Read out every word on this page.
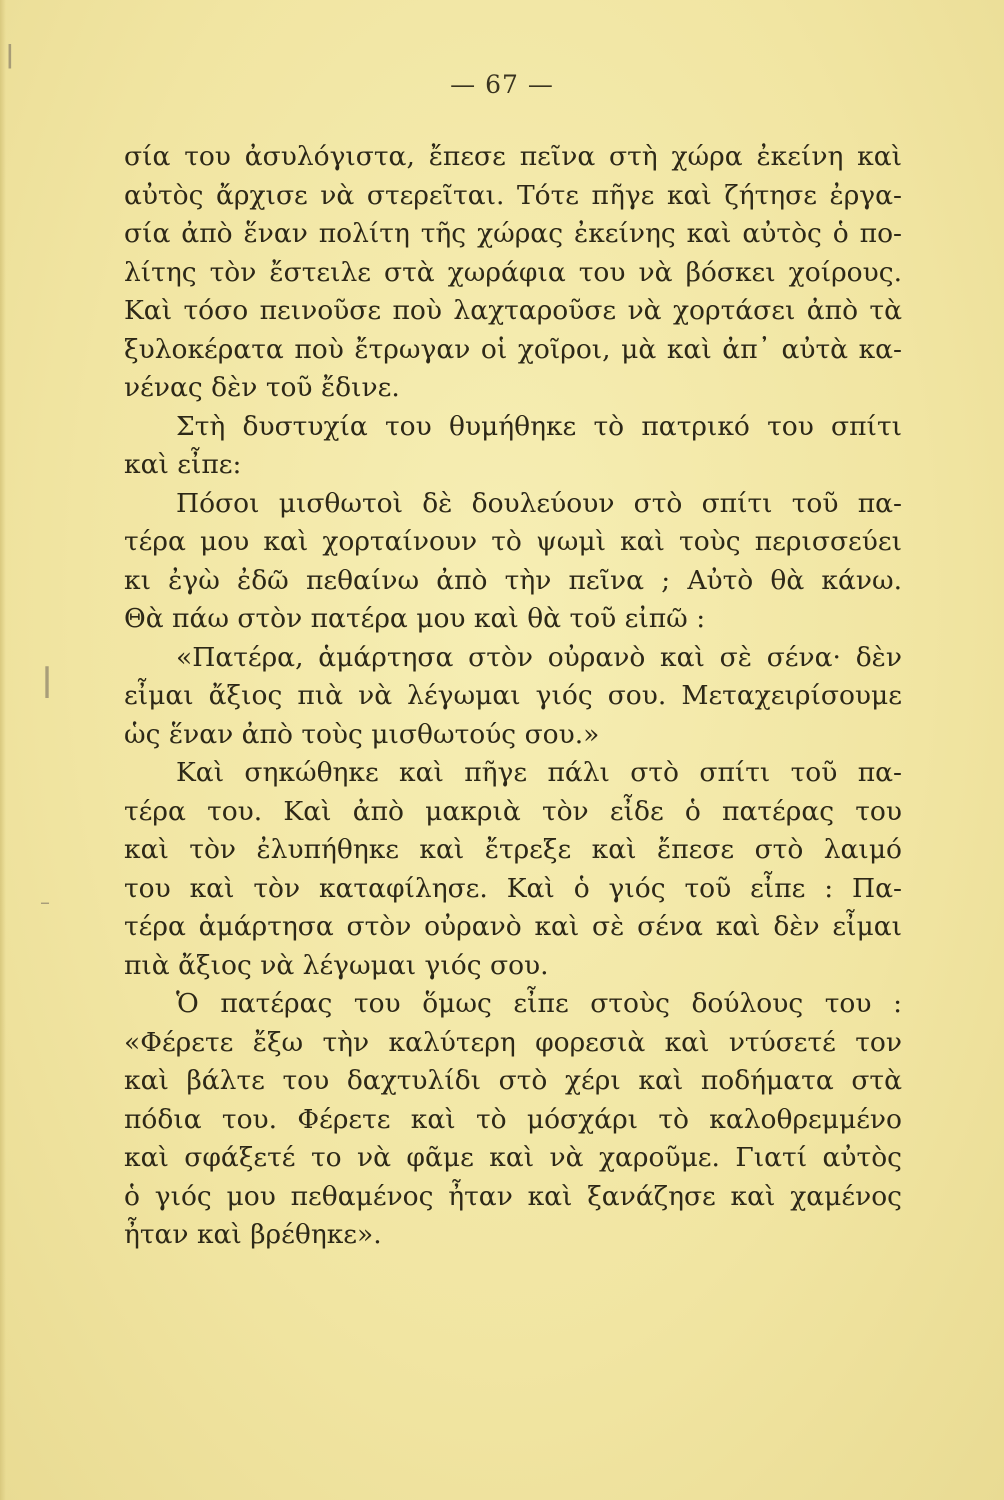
— 67 —
σία του ἀσυλόγιστα, ἔπεσε πεῖνα στὴ χώρα ἐκείνη καὶ
αὐτὸς ἄρχισε νὰ στερεῖται. Τότε πῆγε καὶ ζήτησε ἐργα-
σία ἀπὸ ἕναν πολίτη τῆς χώρας ἐκείνης καὶ αὐτὸς ὁ πο-
λίτης τὸν ἔστειλε στὰ χωράφια του νὰ βόσκει χοίρους.
Καὶ τόσο πεινοῦσε ποὺ λαχταροῦσε νὰ χορτάσει ἀπὸ τὰ
ξυλοκέρατα ποὺ ἔτρωγαν οἱ χοῖροι, μὰ καὶ ἀπ᾽ αὐτὰ κα-
νένας δὲν τοῦ ἔδινε.
Στὴ δυστυχία του θυμήθηκε τὸ πατρικό του σπίτι
καὶ εἶπε:
Πόσοι μισθωτοὶ δὲ δουλεύουν στὸ σπίτι τοῦ πα-
τέρα μου καὶ χορταίνουν τὸ ψωμὶ καὶ τοὺς περισσεύει
κι ἐγὼ ἐδῶ πεθαίνω ἀπὸ τὴν πεῖνα ; Αὐτὸ θὰ κάνω.
Θὰ πάω στὸν πατέρα μου καὶ θὰ τοῦ εἰπῶ :
«Πατέρα, ἁμάρτησα στὸν οὐρανὸ καὶ σὲ σένα· δὲν
εἶμαι ἄξιος πιὰ νὰ λέγωμαι γιός σου. Μεταχειρίσουμε
ὡς ἕναν ἀπὸ τοὺς μισθωτούς σου.»
Καὶ σηκώθηκε καὶ πῆγε πάλι στὸ σπίτι τοῦ πα-
τέρα του. Καὶ ἀπὸ μακριὰ τὸν εἶδε ὁ πατέρας του
καὶ τὸν ἐλυπήθηκε καὶ ἔτρεξε καὶ ἔπεσε στὸ λαιμό
του καὶ τὸν καταφίλησε. Καὶ ὁ γιός τοῦ εἶπε : Πα-
τέρα ἁμάρτησα στὸν οὐρανὸ καὶ σὲ σένα καὶ δὲν εἶμαι
πιὰ ἄξιος νὰ λέγωμαι γιός σου.
Ὁ πατέρας του ὅμως εἶπε στοὺς δούλους του :
«Φέρετε ἔξω τὴν καλύτερη φορεσιὰ καὶ ντύσετέ τον
καὶ βάλτε του δαχτυλίδι στὸ χέρι καὶ ποδήματα στὰ
πόδια του. Φέρετε καὶ τὸ μόσχάρι τὸ καλοθρεμμένο
καὶ σφάξετέ το νὰ φᾶμε καὶ νὰ χαροῦμε. Γιατί αὐτὸς
ὁ γιός μου πεθαμένος ἦταν καὶ ξανάζησε καὶ χαμένος
ἦταν καὶ βρέθηκε».
ǀ
ǀ
–
